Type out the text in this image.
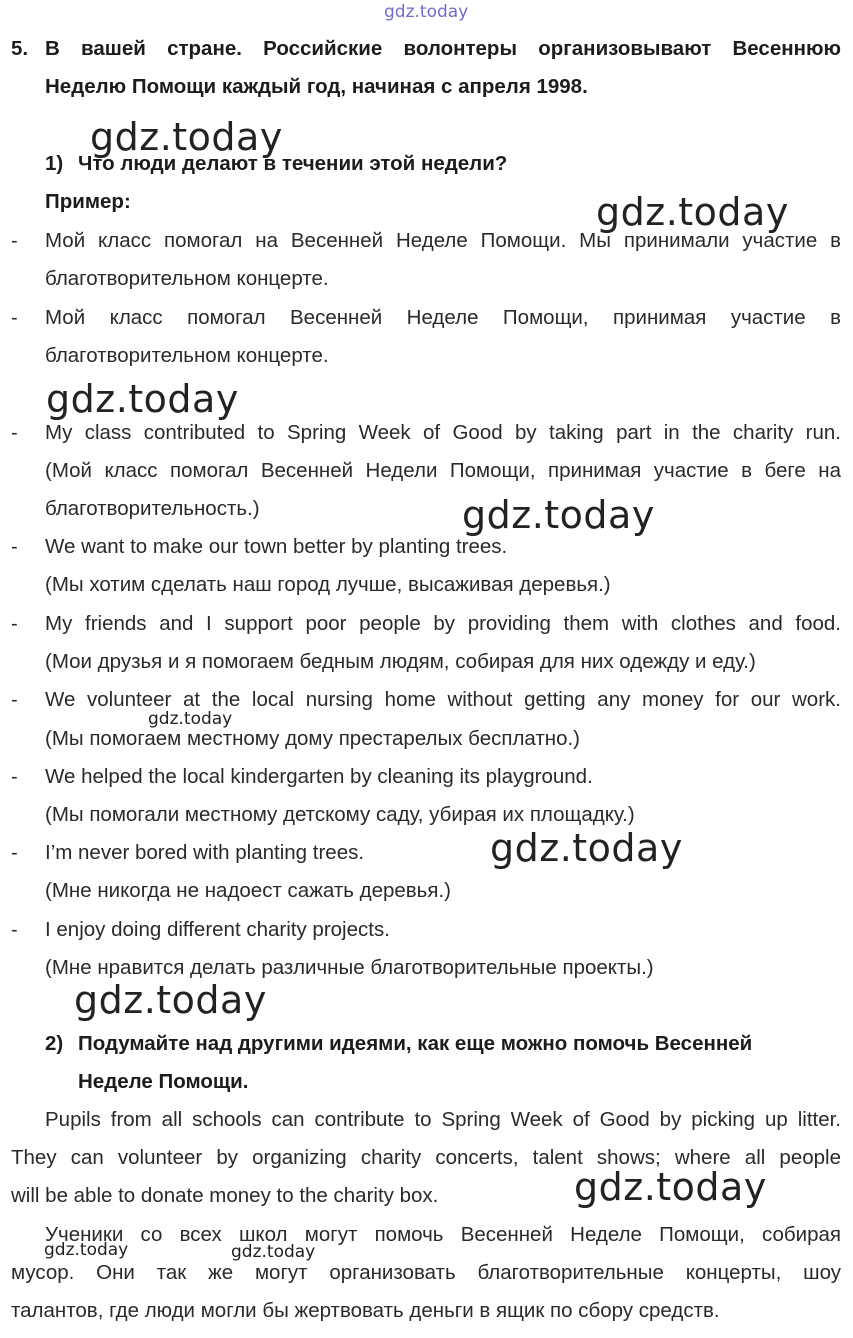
gdz.today
gdz.today
gdz.today
gdz.today
gdz.today
gdz.today
gdz.today
gdz.today
gdz.today
gdz.today	gdz.today
5. В вашей стране. Российские волонтеры организовывают Весеннюю
Неделю Помощи каждый год, начиная с апреля 1998.
1) Что люди делают в течении этой недели?
Пример:
- Мой класс помогал на Весенней Неделе Помощи. Мы принимали участие в
благотворительном концерте.
- Мой класс помогал Весенней Неделе Помощи, принимая участие в
благотворительном концерте.
- My class contributed to Spring Week of Good by taking part in the charity run.
(Мой класс помогал Весенней Недели Помощи, принимая участие в беге на
благотворительность.)
- We want to make our town better by planting trees.
(Мы хотим сделать наш город лучше, высаживая деревья.)
- My friends and I support poor people by providing them with clothes and food.
(Мои друзья и я помогаем бедным людям, собирая для них одежду и еду.)
- We volunteer at the local nursing home without getting any money for our work.
(Мы помогаем местному дому престарелых бесплатно.)
- We helped the local kindergarten by cleaning its playground.
(Мы помогали местному детскому саду, убирая их площадку.)
- I’m never bored with planting trees.
(Мне никогда не надоест сажать деревья.)
- I enjoy doing different charity projects.
(Мне нравится делать различные благотворительные проекты.)
2) Подумайте над другими идеями, как еще можно помочь Весенней
Неделе Помощи.
Pupils from all schools can contribute to Spring Week of Good by picking up litter.
They can volunteer by organizing charity concerts, talent shows; where all people
will be able to donate money to the charity box.
Ученики со всех школ могут помочь Весенней Неделе Помощи, собирая
мусор. Они так же могут организовать благотворительные концерты, шоу
талантов, где люди могли бы жертвовать деньги в ящик по сбору средств.
